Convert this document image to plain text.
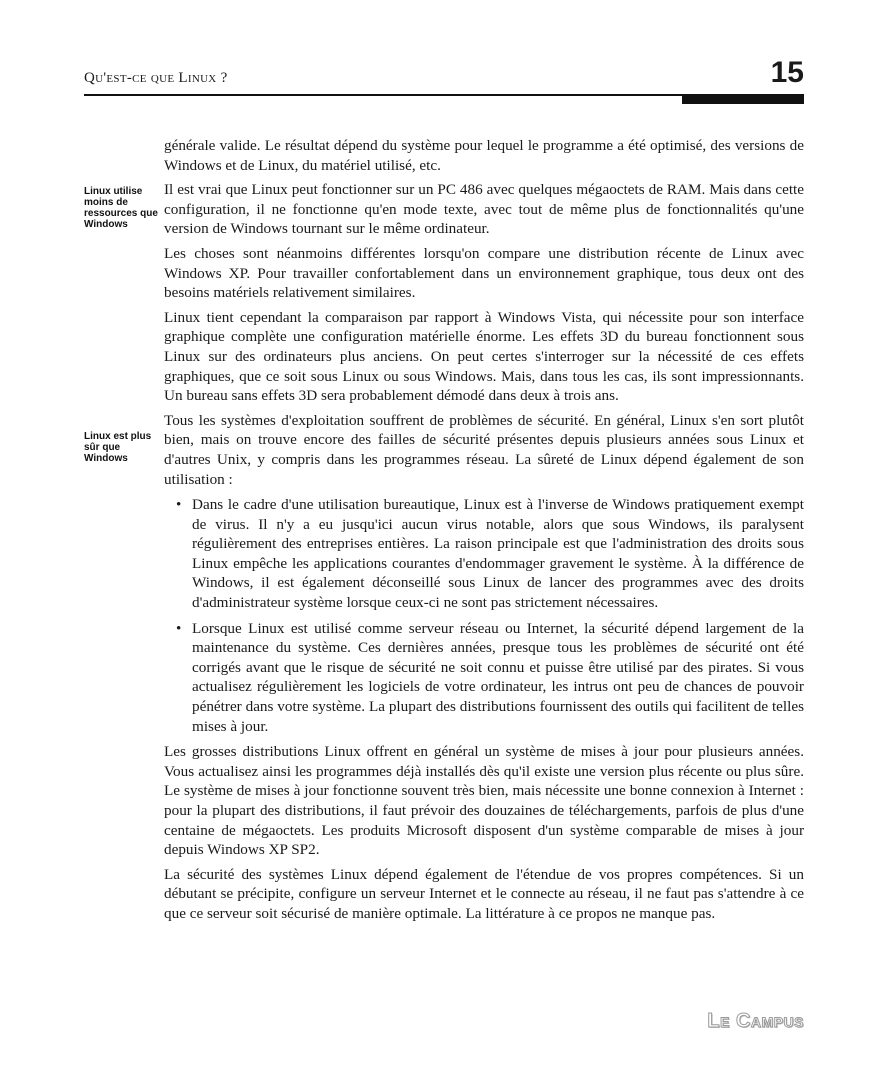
Qu'est-ce que Linux ?	15
Linux utilise moins de ressources que Windows
Linux est plus sûr que Windows

générale valide. Le résultat dépend du système pour lequel le programme a été optimisé, des versions de Windows et de Linux, du matériel utilisé, etc.

Il est vrai que Linux peut fonctionner sur un PC 486 avec quelques mégaoctets de RAM. Mais dans cette configuration, il ne fonctionne qu'en mode texte, avec tout de même plus de fonctionnalités qu'une version de Windows tournant sur le même ordinateur.

Les choses sont néanmoins différentes lorsqu'on compare une distribution récente de Linux avec Windows XP. Pour travailler confortablement dans un environnement graphique, tous deux ont des besoins matériels relativement similaires.

Linux tient cependant la comparaison par rapport à Windows Vista, qui nécessite pour son interface graphique complète une configuration matérielle énorme. Les effets 3D du bureau fonctionnent sous Linux sur des ordinateurs plus anciens. On peut certes s'interroger sur la nécessité de ces effets graphiques, que ce soit sous Linux ou sous Windows. Mais, dans tous les cas, ils sont impressionnants. Un bureau sans effets 3D sera probablement démodé dans deux à trois ans.

Tous les systèmes d'exploitation souffrent de problèmes de sécurité. En général, Linux s'en sort plutôt bien, mais on trouve encore des failles de sécurité présentes depuis plusieurs années sous Linux et d'autres Unix, y compris dans les programmes réseau. La sûreté de Linux dépend également de son utilisation :

• Dans le cadre d'une utilisation bureautique, Linux est à l'inverse de Windows pratiquement exempt de virus. Il n'y a eu jusqu'ici aucun virus notable, alors que sous Windows, ils paralysent régulièrement des entreprises entières. La raison principale est que l'administration des droits sous Linux empêche les applications courantes d'endommager gravement le système. À la différence de Windows, il est également déconseillé sous Linux de lancer des programmes avec des droits d'administrateur système lorsque ceux-ci ne sont pas strictement nécessaires.
• Lorsque Linux est utilisé comme serveur réseau ou Internet, la sécurité dépend largement de la maintenance du système. Ces dernières années, presque tous les problèmes de sécurité ont été corrigés avant que le risque de sécurité ne soit connu et puisse être utilisé par des pirates. Si vous actualisez régulièrement les logiciels de votre ordinateur, les intrus ont peu de chances de pouvoir pénétrer dans votre système. La plupart des distributions fournissent des outils qui facilitent de telles mises à jour.

Les grosses distributions Linux offrent en général un système de mises à jour pour plusieurs années. Vous actualisez ainsi les programmes déjà installés dès qu'il existe une version plus récente ou plus sûre. Le système de mises à jour fonctionne souvent très bien, mais nécessite une bonne connexion à Internet : pour la plupart des distributions, il faut prévoir des douzaines de téléchargements, parfois de plus d'une centaine de mégaoctets. Les produits Microsoft disposent d'un système comparable de mises à jour depuis Windows XP SP2.

La sécurité des systèmes Linux dépend également de l'étendue de vos propres compétences. Si un débutant se précipite, configure un serveur Internet et le connecte au réseau, il ne faut pas s'attendre à ce que ce serveur soit sécurisé de manière optimale. La littérature à ce propos ne manque pas.

Le Campus
